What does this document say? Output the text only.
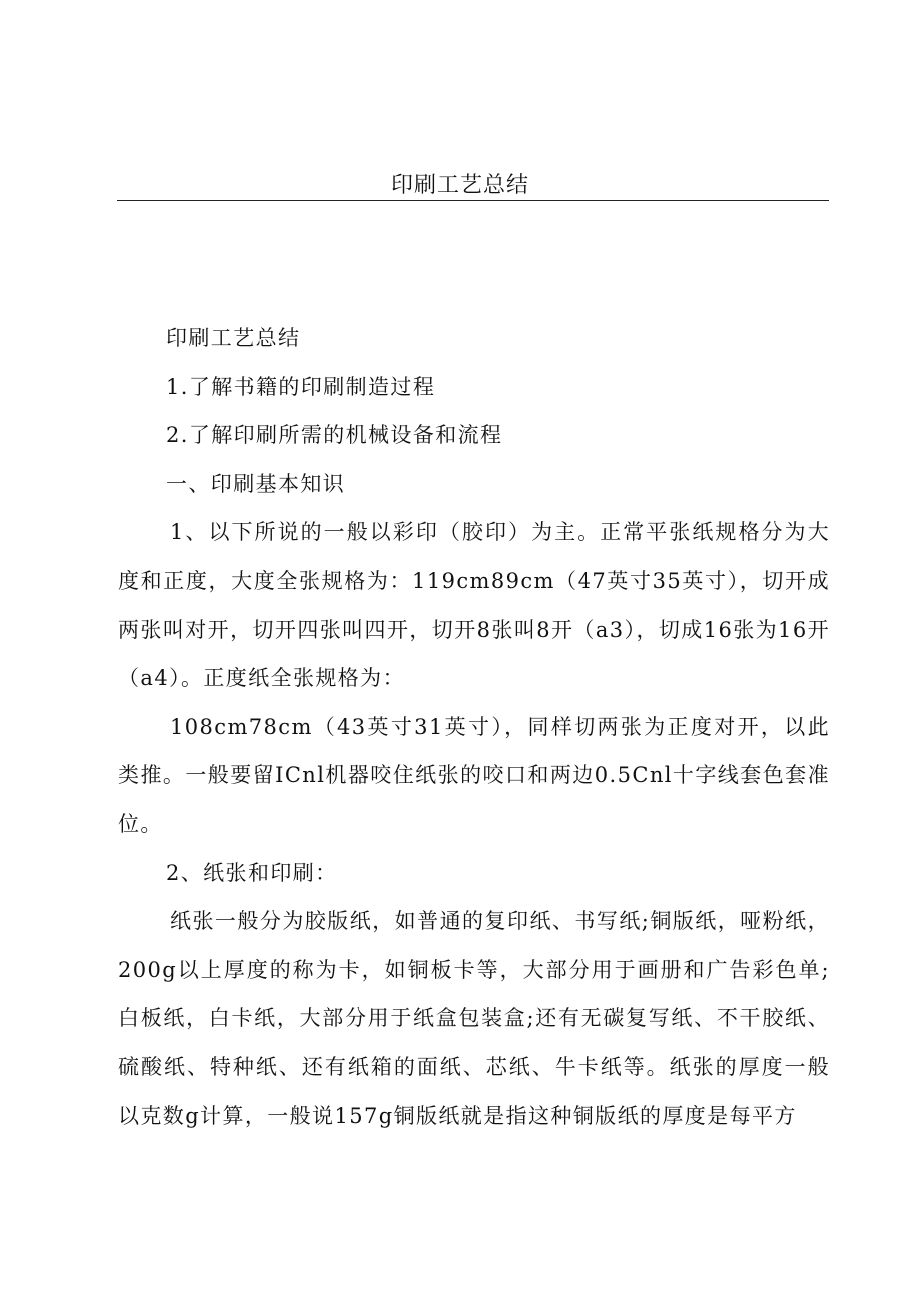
印刷工艺总结

印刷工艺总结

1.了解书籍的印刷制造过程

2.了解印刷所需的机械设备和流程

一、印刷基本知识

1、以下所说的一般以彩印（胶印）为主。正常平张纸规格分为大度和正度，大度全张规格为：119cm89cm（47英寸35英寸），切开成两张叫对开，切开四张叫四开，切开8张叫8开（a3），切成16张为16开（a4）。正度纸全张规格为：

108cm78cm（43英寸31英寸），同样切两张为正度对开，以此类推。一般要留ICnl机器咬住纸张的咬口和两边0.5Cnl十字线套色套准位。

2、纸张和印刷：

纸张一般分为胶版纸，如普通的复印纸、书写纸;铜版纸，哑粉纸，200g以上厚度的称为卡，如铜板卡等，大部分用于画册和广告彩色单;白板纸，白卡纸，大部分用于纸盒包装盒;还有无碳复写纸、不干胶纸、硫酸纸、特种纸、还有纸箱的面纸、芯纸、牛卡纸等。纸张的厚度一般以克数g计算，一般说157g铜版纸就是指这种铜版纸的厚度是每平方
